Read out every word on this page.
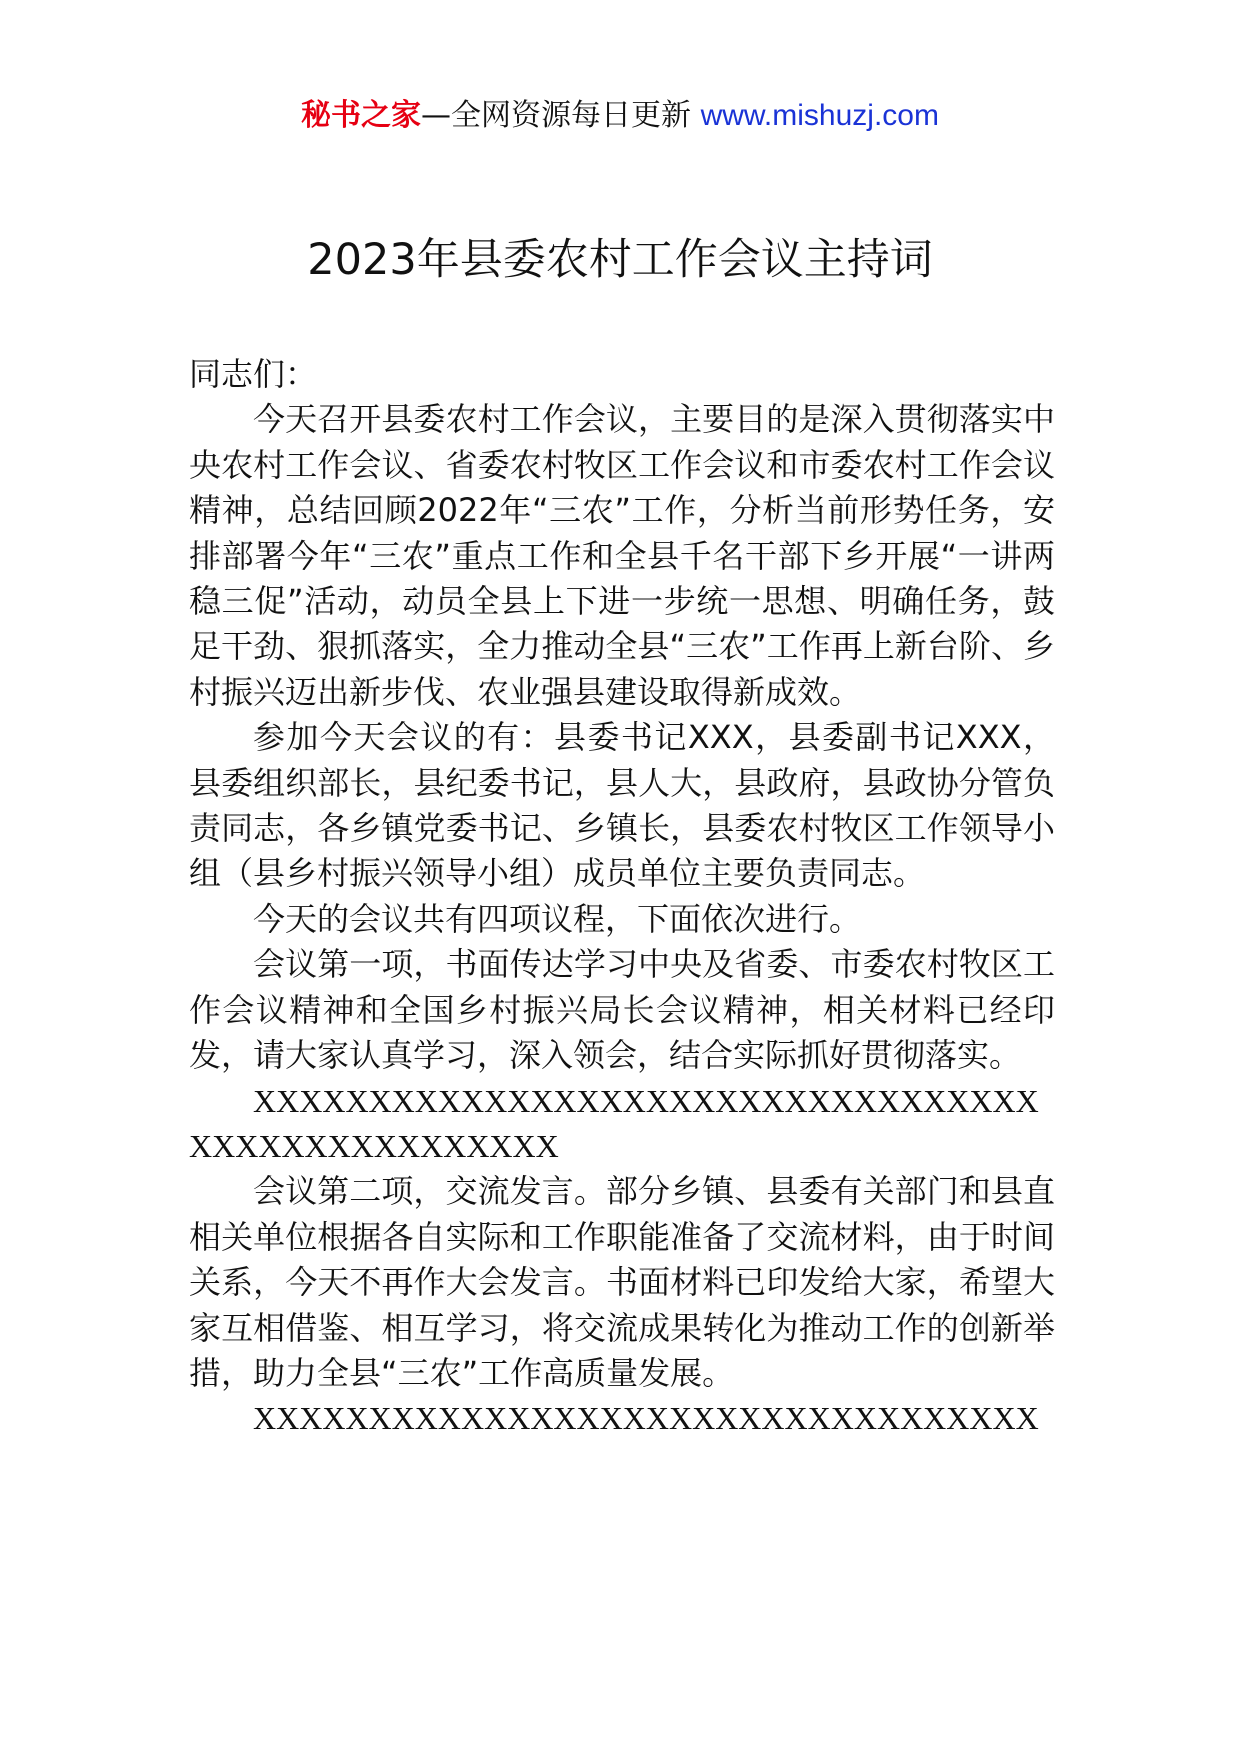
秘书之家—全网资源每日更新 www.mishuzj.com
2023年县委农村工作会议主持词

同志们：

今天召开县委农村工作会议，主要目的是深入贯彻落实中央农村工作会议、省委农村牧区工作会议和市委农村工作会议精神，总结回顾2022年“三农”工作，分析当前形势任务，安排部署今年“三农”重点工作和全县千名干部下乡开展“一讲两稳三促”活动，动员全县上下进一步统一思想、明确任务，鼓足干劲、狠抓落实，全力推动全县“三农”工作再上新台阶、乡村振兴迈出新步伐、农业强县建设取得新成效。

参加今天会议的有：县委书记XXX，县委副书记XXX，县委组织部长，县纪委书记，县人大，县政府，县政协分管负责同志，各乡镇党委书记、乡镇长，县委农村牧区工作领导小组（县乡村振兴领导小组）成员单位主要负责同志。

今天的会议共有四项议程，下面依次进行。

会议第一项，书面传达学习中央及省委、市委农村牧区工作会议精神和全国乡村振兴局长会议精神，相关材料已经印发，请大家认真学习，深入领会，结合实际抓好贯彻落实。

XXXXXXXXXXXXXXXXXXXXXXXXXXXXXXXXXXXXXXXXXXXXXXXXXX

会议第二项，交流发言。部分乡镇、县委有关部门和县直相关单位根据各自实际和工作职能准备了交流材料，由于时间关系，今天不再作大会发言。书面材料已印发给大家，希望大家互相借鉴、相互学习，将交流成果转化为推动工作的创新举措，助力全县“三农”工作高质量发展。

XXXXXXXXXXXXXXXXXXXXXXXXXXXXXXXXXX
